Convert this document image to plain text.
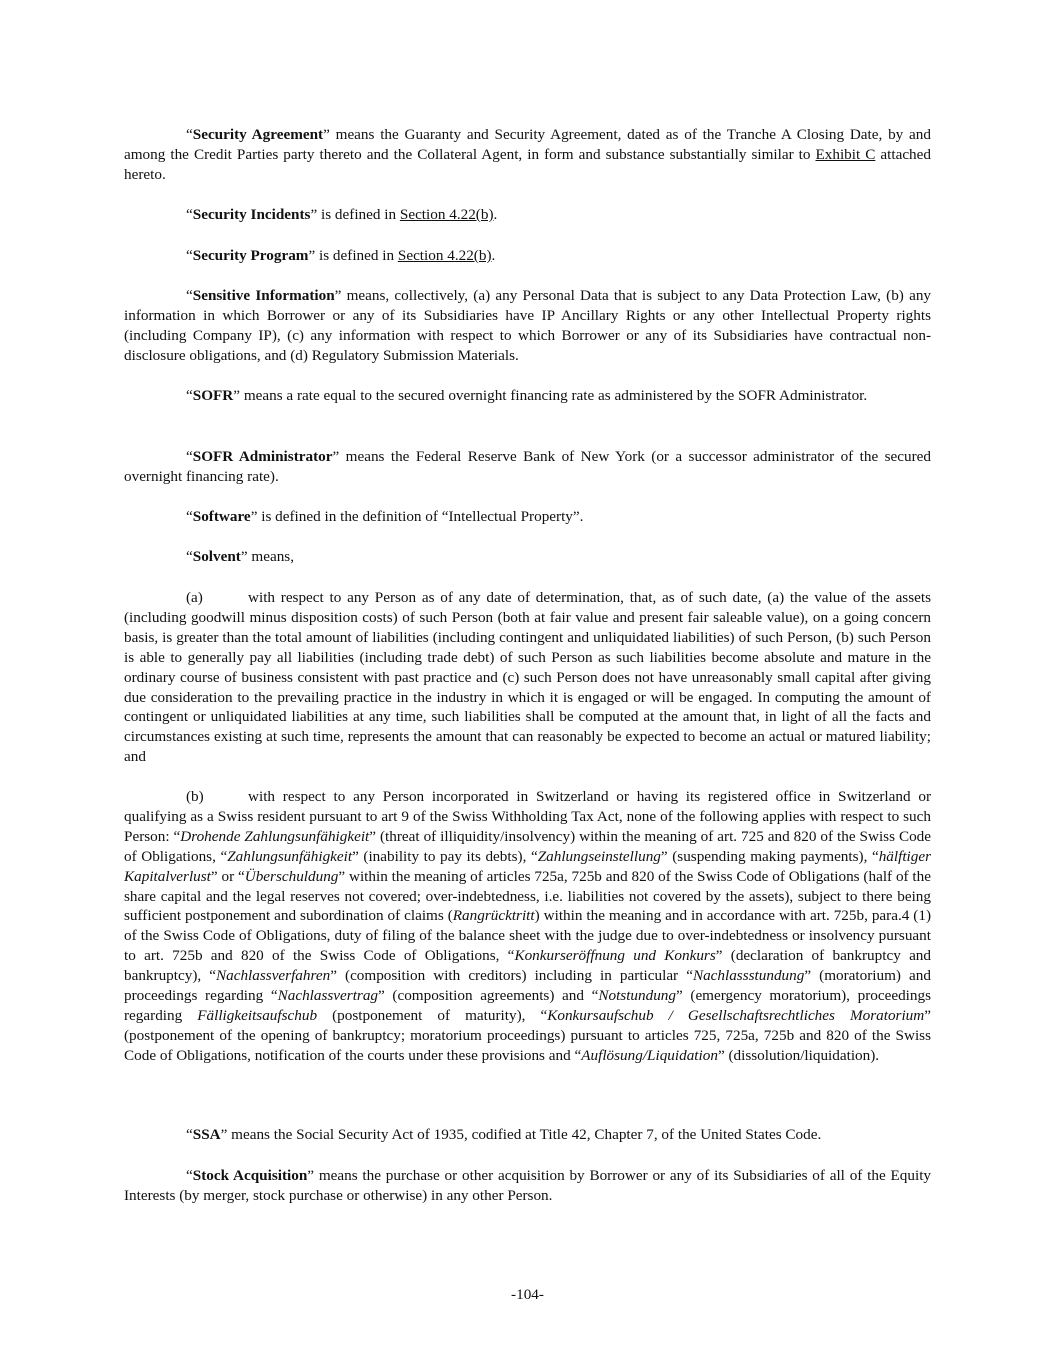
“Security Agreement” means the Guaranty and Security Agreement, dated as of the Tranche A Closing Date, by and among the Credit Parties party thereto and the Collateral Agent, in form and substance substantially similar to Exhibit C attached hereto.

“Security Incidents” is defined in Section 4.22(b).

“Security Program” is defined in Section 4.22(b).

“Sensitive Information” means, collectively, (a) any Personal Data that is subject to any Data Protection Law, (b) any information in which Borrower or any of its Subsidiaries have IP Ancillary Rights or any other Intellectual Property rights (including Company IP), (c) any information with respect to which Borrower or any of its Subsidiaries have contractual non-disclosure obligations, and (d) Regulatory Submission Materials.

“SOFR” means a rate equal to the secured overnight financing rate as administered by the SOFR Administrator.

“SOFR Administrator” means the Federal Reserve Bank of New York (or a successor administrator of the secured overnight financing rate).

“Software” is defined in the definition of “Intellectual Property”.

“Solvent” means,

(a)	with respect to any Person as of any date of determination, that, as of such date, (a) the value of the assets (including goodwill minus disposition costs) of such Person (both at fair value and present fair saleable value), on a going concern basis, is greater than the total amount of liabilities (including contingent and unliquidated liabilities) of such Person, (b) such Person is able to generally pay all liabilities (including trade debt) of such Person as such liabilities become absolute and mature in the ordinary course of business consistent with past practice and (c) such Person does not have unreasonably small capital after giving due consideration to the prevailing practice in the industry in which it is engaged or will be engaged. In computing the amount of contingent or unliquidated liabilities at any time, such liabilities shall be computed at the amount that, in light of all the facts and circumstances existing at such time, represents the amount that can reasonably be expected to become an actual or matured liability; and

(b)	with respect to any Person incorporated in Switzerland or having its registered office in Switzerland or qualifying as a Swiss resident pursuant to art 9 of the Swiss Withholding Tax Act, none of the following applies with respect to such Person: “Drohende Zahlungsunfähigkeit” (threat of illiquidity/insolvency) within the meaning of art. 725 and 820 of the Swiss Code of Obligations, “Zahlungsunfähigkeit” (inability to pay its debts), “Zahlungseinstellung” (suspending making payments), “hälftiger Kapitalverlust” or “Überschuldung” within the meaning of articles 725a, 725b and 820 of the Swiss Code of Obligations (half of the share capital and the legal reserves not covered; over-indebtedness, i.e. liabilities not covered by the assets), subject to there being sufficient postponement and subordination of claims (Rangrücktritt) within the meaning and in accordance with art. 725b, para.4 (1) of the Swiss Code of Obligations, duty of filing of the balance sheet with the judge due to over-indebtedness or insolvency pursuant to art. 725b and 820 of the Swiss Code of Obligations, “Konkurseröffnung und Konkurs” (declaration of bankruptcy and bankruptcy), “Nachlassverfahren” (composition with creditors) including in particular “Nachlassstundung” (moratorium) and proceedings regarding “Nachlassvertrag” (composition agreements) and “Notstundung” (emergency moratorium), proceedings regarding Fälligkeitsaufschub (postponement of maturity), “Konkursaufschub / Gesellschaftsrechtliches Moratorium” (postponement of the opening of bankruptcy; moratorium proceedings) pursuant to articles 725, 725a, 725b and 820 of the Swiss Code of Obligations, notification of the courts under these provisions and “Auflösung/Liquidation” (dissolution/liquidation).

“SSA” means the Social Security Act of 1935, codified at Title 42, Chapter 7, of the United States Code.

“Stock Acquisition” means the purchase or other acquisition by Borrower or any of its Subsidiaries of all of the Equity Interests (by merger, stock purchase or otherwise) in any other Person.

-104-
